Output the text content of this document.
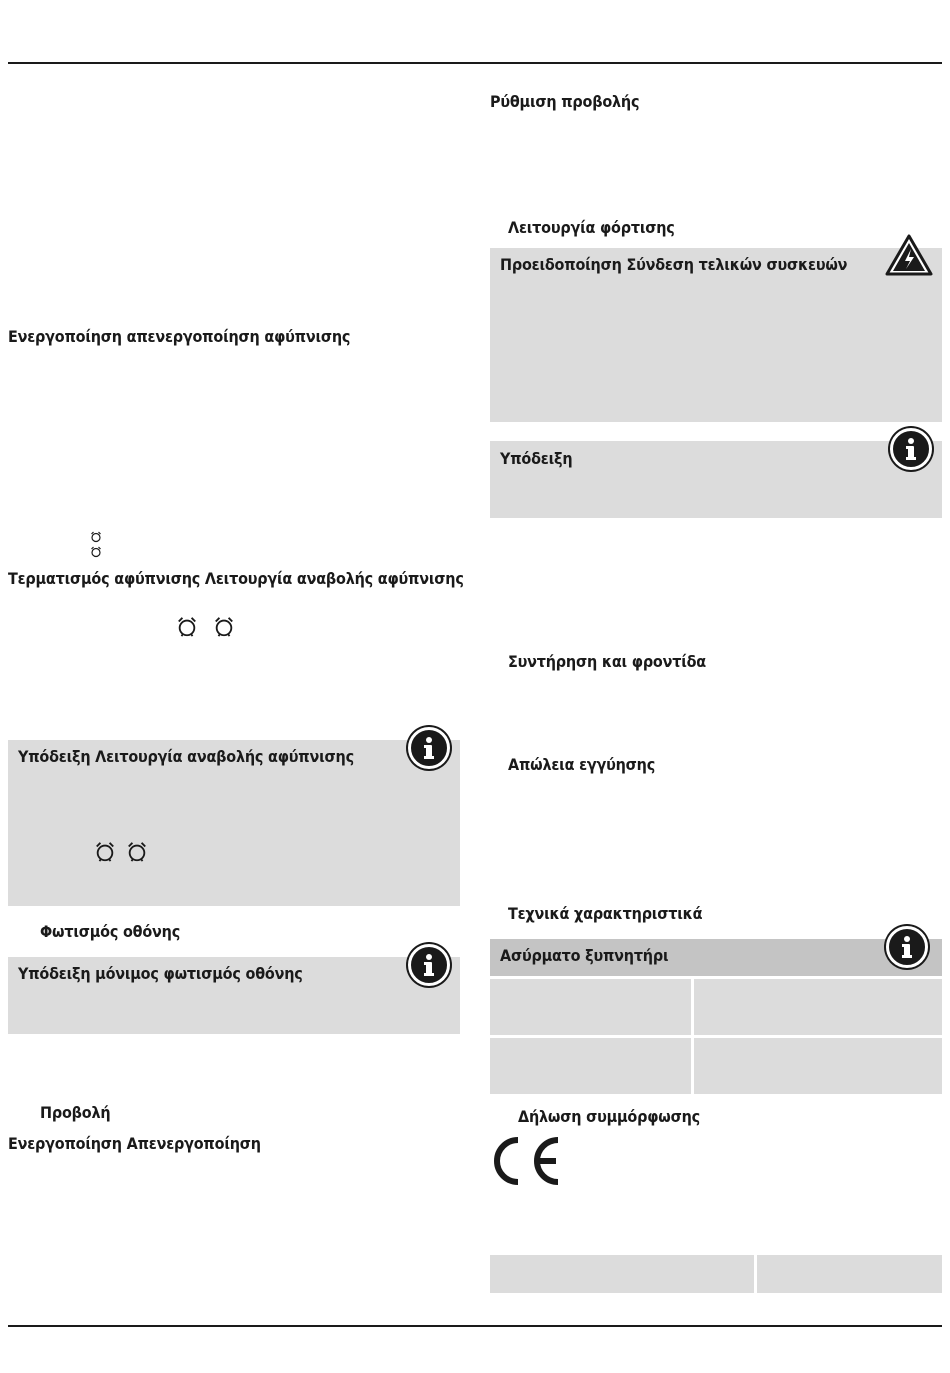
Ενεργοποίηση απενεργοποίηση αφύπνισης
Τερματισμός αφύπνισης Λειτουργία αναβολής αφύπνισης
Υπόδειξη Λειτουργία αναβολής αφύπνισης
Φωτισμός οθόνης
Υπόδειξη μόνιμος φωτισμός οθόνης
Προβολή
Ενεργοποίηση Απενεργοποίηση
Ρύθμιση προβολής
Λειτουργία φόρτισης
Προειδοποίηση Σύνδεση τελικών συσκευών
Υπόδειξη
Συντήρηση και φροντίδα
Απώλεια εγγύησης
Τεχνικά χαρακτηριστικά
Ασύρματο ξυπνητήρι
Δήλωση συμμόρφωσης
